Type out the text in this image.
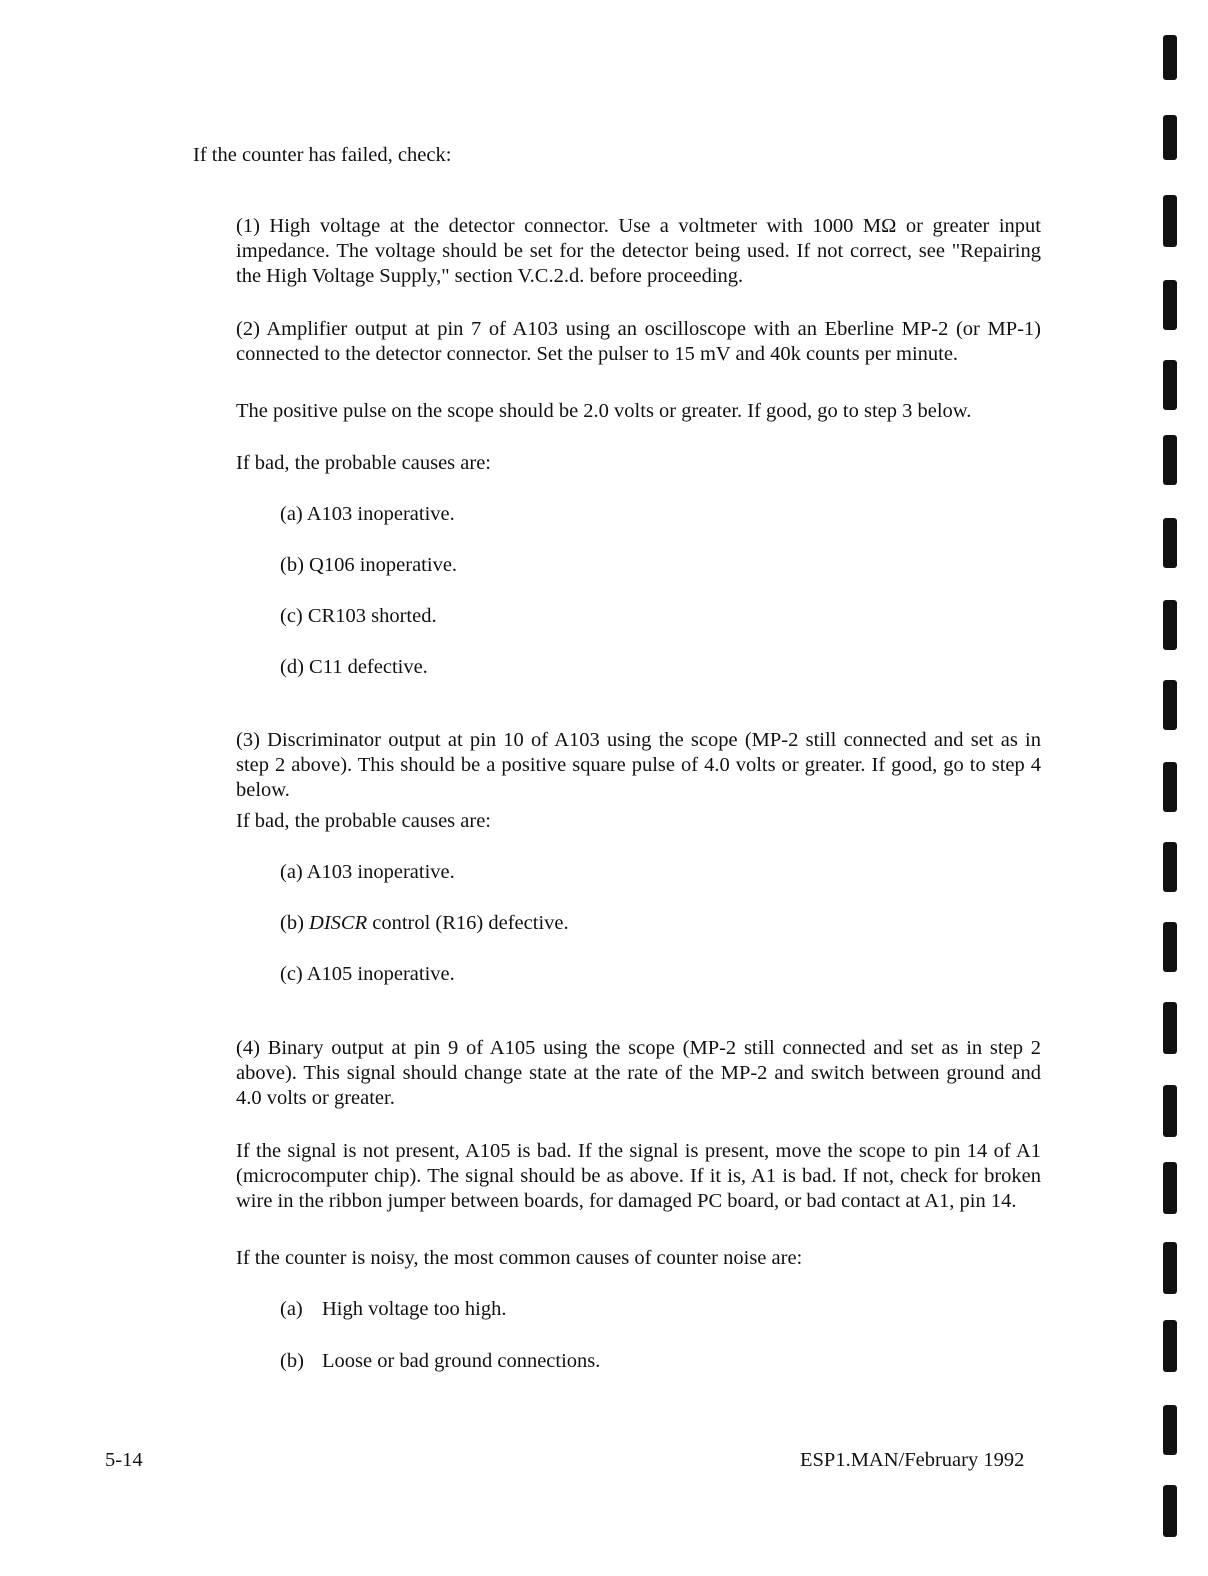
If the counter has failed, check:

(1) High voltage at the detector connector. Use a voltmeter with 1000 MΩ or greater input impedance. The voltage should be set for the detector being used. If not correct, see "Repairing the High Voltage Supply," section V.C.2.d. before proceeding.

(2) Amplifier output at pin 7 of A103 using an oscilloscope with an Eberline MP-2 (or MP-1) connected to the detector connector. Set the pulser to 15 mV and 40k counts per minute.

The positive pulse on the scope should be 2.0 volts or greater. If good, go to step 3 below.

If bad, the probable causes are:

(a) A103 inoperative.

(b) Q106 inoperative.

(c) CR103 shorted.

(d) C11 defective.

(3) Discriminator output at pin 10 of A103 using the scope (MP-2 still connected and set as in step 2 above). This should be a positive square pulse of 4.0 volts or greater. If good, go to step 4 below.

If bad, the probable causes are:

(a) A103 inoperative.

(b) DISCR control (R16) defective.

(c) A105 inoperative.

(4) Binary output at pin 9 of A105 using the scope (MP-2 still connected and set as in step 2 above). This signal should change state at the rate of the MP-2 and switch between ground and 4.0 volts or greater.

If the signal is not present, A105 is bad. If the signal is present, move the scope to pin 14 of A1 (microcomputer chip). The signal should be as above. If it is, A1 is bad. If not, check for broken wire in the ribbon jumper between boards, for damaged PC board, or bad contact at A1, pin 14.

If the counter is noisy, the most common causes of counter noise are:

(a) High voltage too high.

(b) Loose or bad ground connections.

5-14	ESP1.MAN/February 1992
